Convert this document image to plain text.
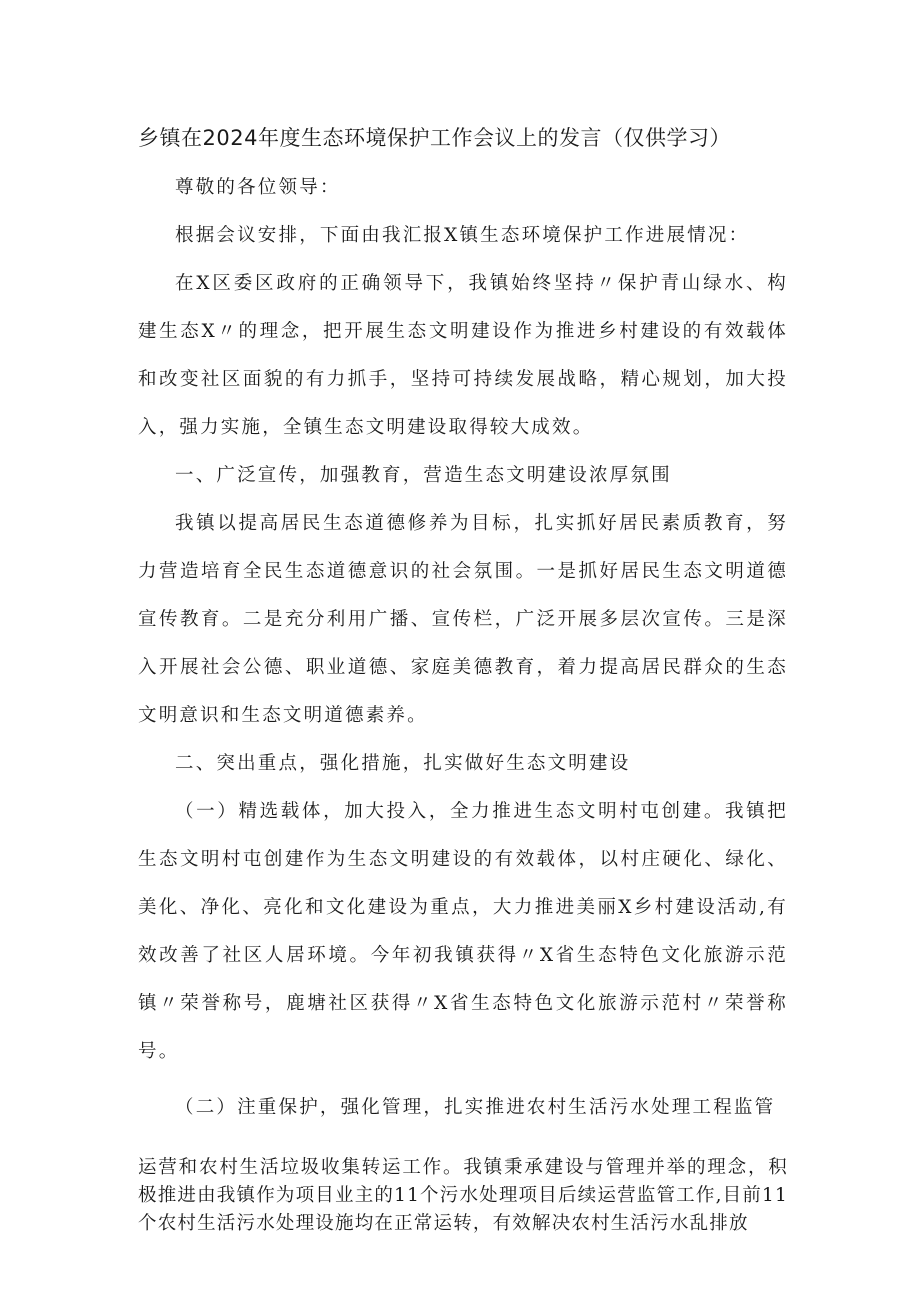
乡镇在2024年度生态环境保护工作会议上的发言（仅供学习）

尊敬的各位领导：

根据会议安排，下面由我汇报X镇生态环境保护工作进展情况：

在X区委区政府的正确领导下，我镇始终坚持〃保护青山绿水、构建生态X〃的理念，把开展生态文明建设作为推进乡村建设的有效载体和改变社区面貌的有力抓手，坚持可持续发展战略，精心规划，加大投入，强力实施，全镇生态文明建设取得较大成效。

一、广泛宣传，加强教育，营造生态文明建设浓厚氛围

我镇以提高居民生态道德修养为目标，扎实抓好居民素质教育，努力营造培育全民生态道德意识的社会氛围。一是抓好居民生态文明道德宣传教育。二是充分利用广播、宣传栏，广泛开展多层次宣传。三是深入开展社会公德、职业道德、家庭美德教育，着力提高居民群众的生态文明意识和生态文明道德素养。

二、突出重点，强化措施，扎实做好生态文明建设

（一）精选载体，加大投入，全力推进生态文明村屯创建。我镇把生态文明村屯创建作为生态文明建设的有效载体，以村庄硬化、绿化、美化、净化、亮化和文化建设为重点，大力推进美丽X乡村建设活动,有效改善了社区人居环境。今年初我镇获得〃X省生态特色文化旅游示范镇〃荣誉称号，鹿塘社区获得〃X省生态特色文化旅游示范村〃荣誉称号。

（二）注重保护，强化管理，扎实推进农村生活污水处理工程监管

运营和农村生活垃圾收集转运工作。我镇秉承建设与管理并举的理念，积极推进由我镇作为项目业主的11个污水处理项目后续运营监管工作,目前11个农村生活污水处理设施均在正常运转，有效解决农村生活污水乱排放
